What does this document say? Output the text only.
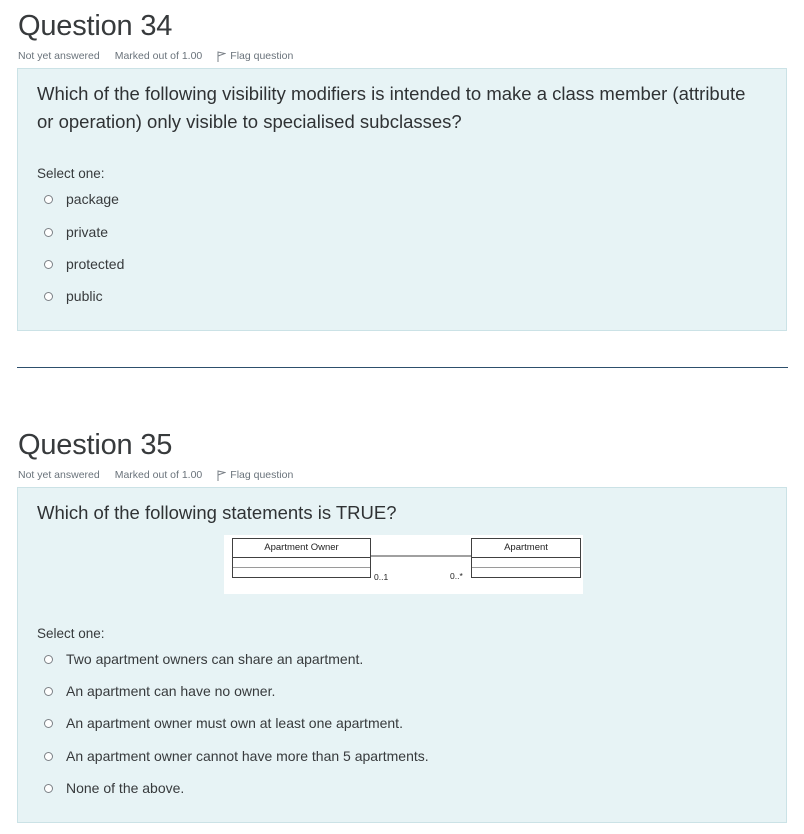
Question 34
Not yet answered Marked out of 1.00	Flag question
Which of the following visibility modifiers is intended to make a class member (attribute or operation) only visible to specialised subclasses?
Select one:
package
private
protected
public
Question 35
Not yet answered Marked out of 1.00	Flag question
Which of the following statements is TRUE?
Apartment Owner	Apartment
0..1	0..*
Select one:
Two apartment owners can share an apartment.
An apartment can have no owner.
An apartment owner must own at least one apartment.
An apartment owner cannot have more than 5 apartments.
None of the above.
